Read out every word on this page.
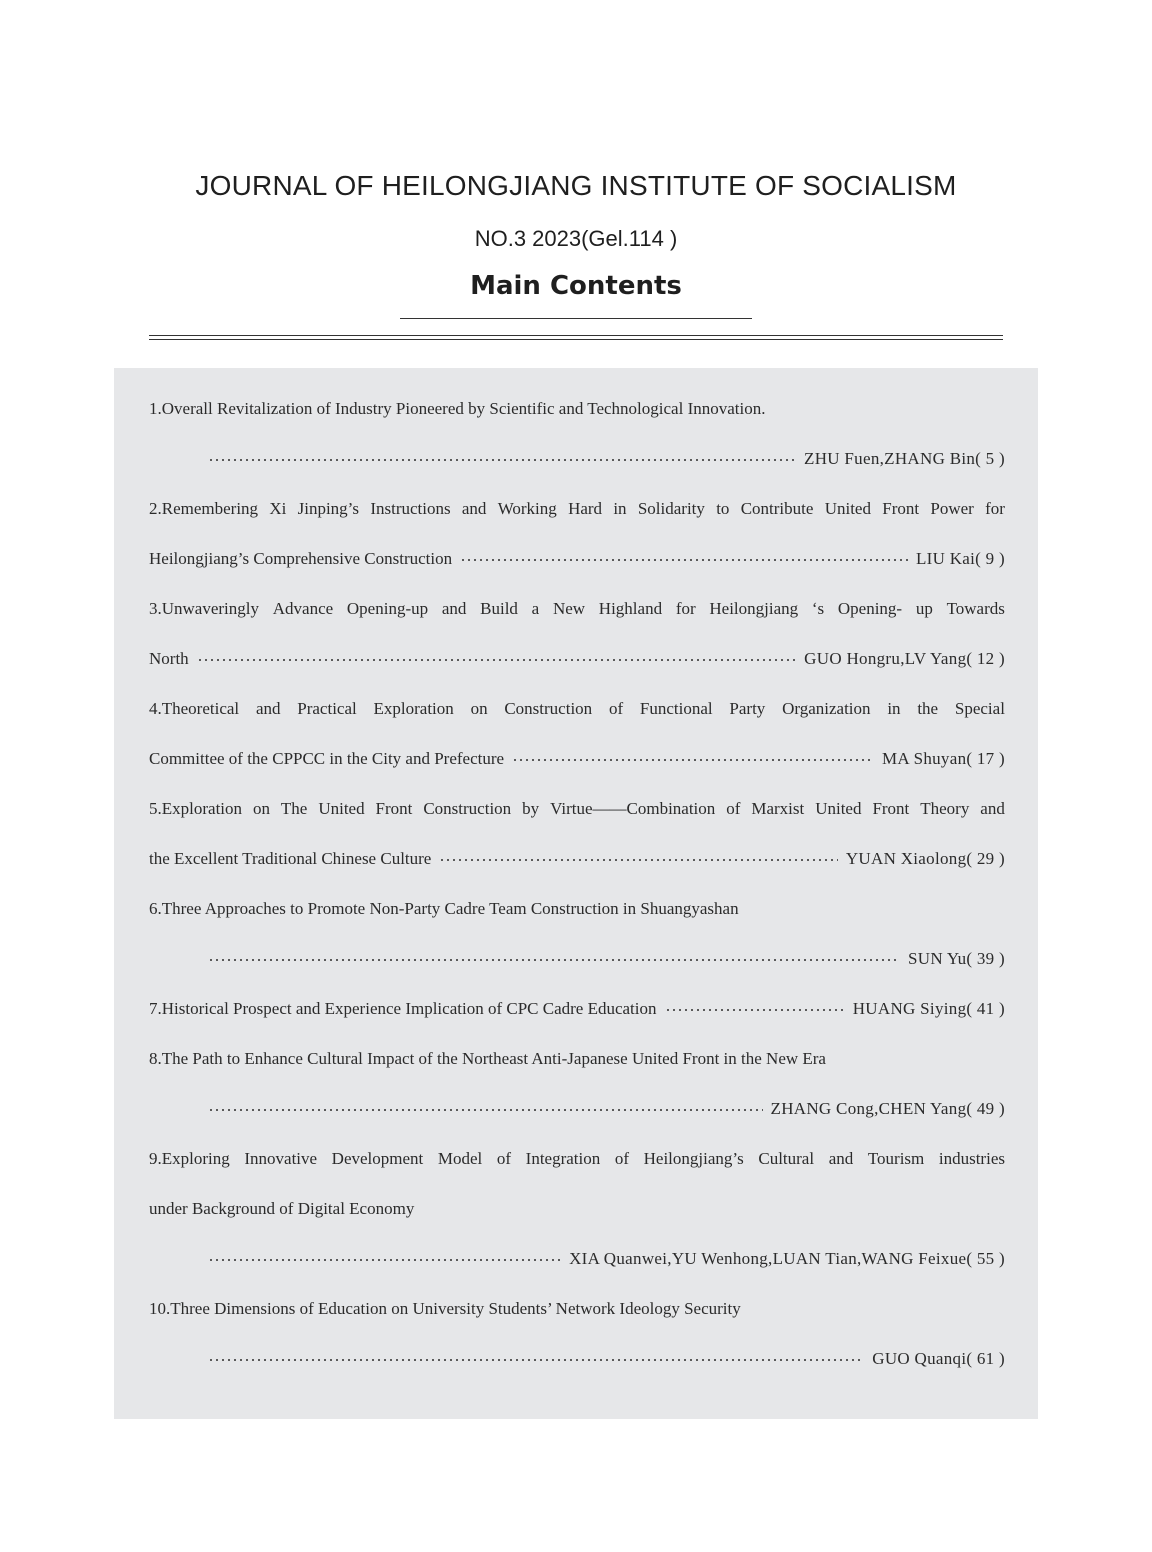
JOURNAL OF HEILONGJIANG INSTITUTE OF SOCIALISM
NO.3 2023(Gel.114 )
Main Contents
1.Overall Revitalization of Industry Pioneered by Scientific and Technological Innovation.
ZHU Fuen,ZHANG Bin( 5 )
2.Remembering Xi Jinping’s Instructions and Working Hard in Solidarity to Contribute United Front Power for
Heilongjiang’s Comprehensive Construction	LIU Kai( 9 )
3.Unwaveringly Advance Opening-up and Build a New Highland for Heilongjiang ‘s Opening- up Towards
North	GUO Hongru,LV Yang( 12 )
4.Theoretical and Practical Exploration on Construction of Functional Party Organization in the Special
Committee of the CPPCC in the City and Prefecture	MA Shuyan( 17 )
5.Exploration on The United Front Construction by Virtue——Combination of Marxist United Front Theory and
the Excellent Traditional Chinese Culture	YUAN Xiaolong( 29 )
6.Three Approaches to Promote Non-Party Cadre Team Construction in Shuangyashan
SUN Yu( 39 )
7.Historical Prospect and Experience Implication of CPC Cadre Education	HUANG Siying( 41 )
8.The Path to Enhance Cultural Impact of the Northeast Anti-Japanese United Front in the New Era
ZHANG Cong,CHEN Yang( 49 )
9.Exploring Innovative Development Model of Integration of Heilongjiang’s Cultural and Tourism industries
under Background of Digital Economy
XIA Quanwei,YU Wenhong,LUAN Tian,WANG Feixue( 55 )
10.Three Dimensions of Education on University Students’ Network Ideology Security
GUO Quanqi( 61 )
